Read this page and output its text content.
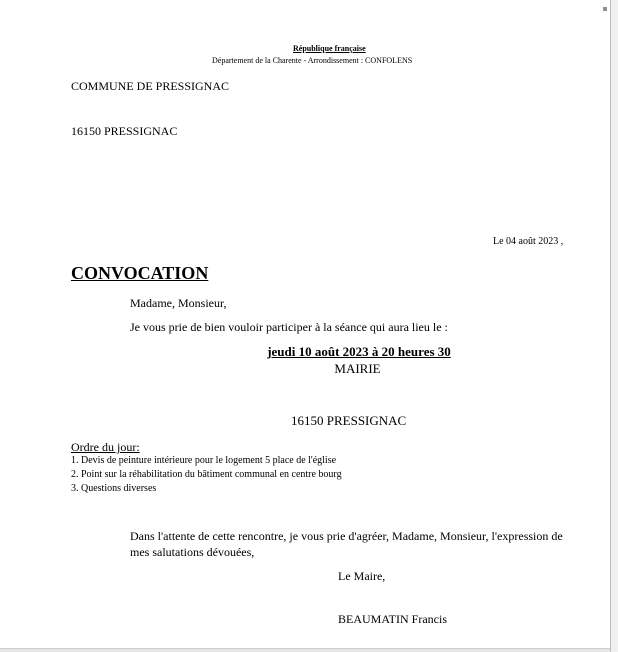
République française
Département de la Charente - Arrondissement : CONFOLENS
COMMUNE DE PRESSIGNAC
16150 PRESSIGNAC
Le 04 août 2023 ,
CONVOCATION
Madame, Monsieur,
Je vous prie de bien vouloir participer à la séance qui aura lieu le :
jeudi 10 août 2023 à 20 heures 30
MAIRIE
16150 PRESSIGNAC
Ordre du jour:
1. Devis de peinture intérieure pour le logement 5 place de l'église
2. Point sur la réhabilitation du bâtiment communal en centre bourg
3. Questions diverses
Dans l'attente de cette rencontre, je vous prie d'agréer, Madame, Monsieur, l'expression de mes salutations dévouées,
Le Maire,
BEAUMATIN Francis
